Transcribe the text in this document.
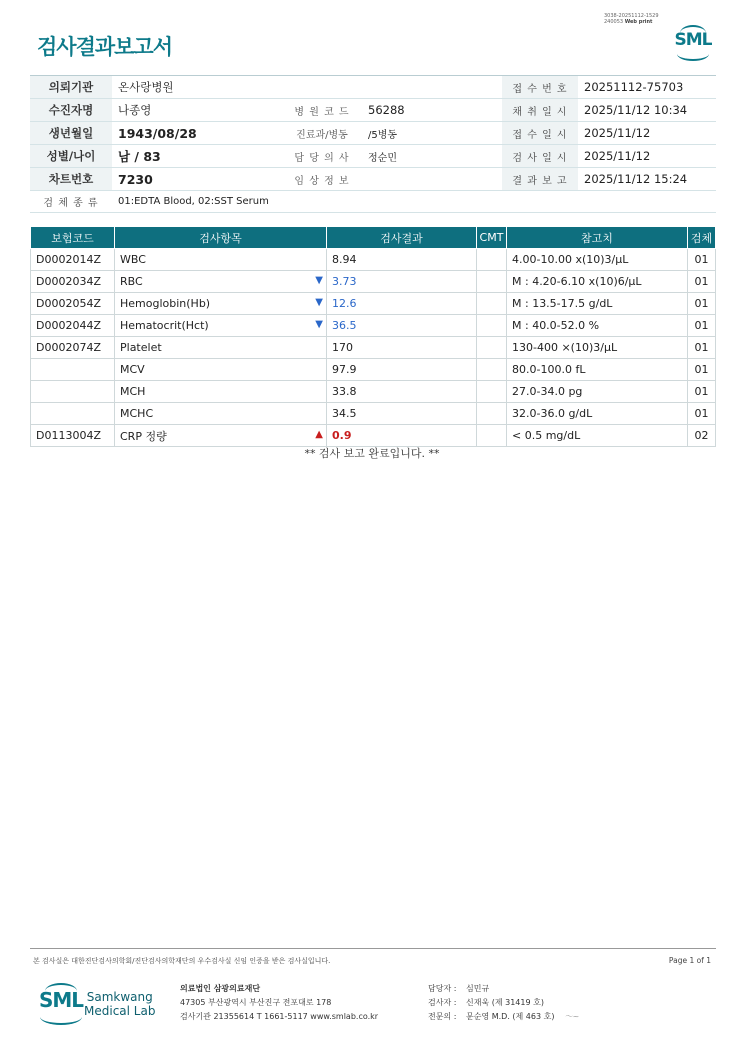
검사결과보고서
3038-20251112-1529
240053 Web print
SML
의뢰기관	온사랑병원			접 수 번 호	20251112-75703
수진자명	나종영	병 원 코 드	56288	채 취 일 시	2025/11/12 10:34
생년월일	1943/08/28	진료과/병동	/5병동	접 수 일 시	2025/11/12
성별/나이	남 / 83	담 당 의 사	정순민	검 사 일 시	2025/11/12
차트번호	7230	임 상 정 보		결 과 보 고	2025/11/12 15:24
검 체 종 류	01:EDTA Blood, 02:SST Serum				
보험코드	검사항목	검사결과	CMT	참고치	검체
D0002014Z	WBC	8.94		4.00-10.00 x(10)3/μL	01
D0002034Z	RBC ▼	3.73		M : 4.20-6.10 x(10)6/μL	01
D0002054Z	Hemoglobin(Hb) ▼	12.6		M : 13.5-17.5 g/dL	01
D0002044Z	Hematocrit(Hct) ▼	36.5		M : 40.0-52.0 %	01
D0002074Z	Platelet	170		130-400 ×(10)3/μL	01
	MCV	97.9		80.0-100.0 fL	01
	MCH	33.8		27.0-34.0 pg	01
	MCHC	34.5		32.0-36.0 g/dL	01
D0113004Z	CRP 정량 ▲	0.9		< 0.5 mg/dL	02
** 검사 보고 완료입니다. **
본 검사실은 대한진단검사의학회/진단검사의학재단의 우수검사실 신임 인증을 받은 검사실입니다.	Page 1 of 1
SML Samkwang
Medical Lab
의료법인 삼광의료재단
47305 부산광역시 부산진구 전포대로 178
검사기관 21355614 T 1661-5117 www.smlab.co.kr
담당자 : 심민규
검사자 : 신재욱 (제 31419 호)
전문의 : 문순영 M.D. (제 463 호) 〜~
